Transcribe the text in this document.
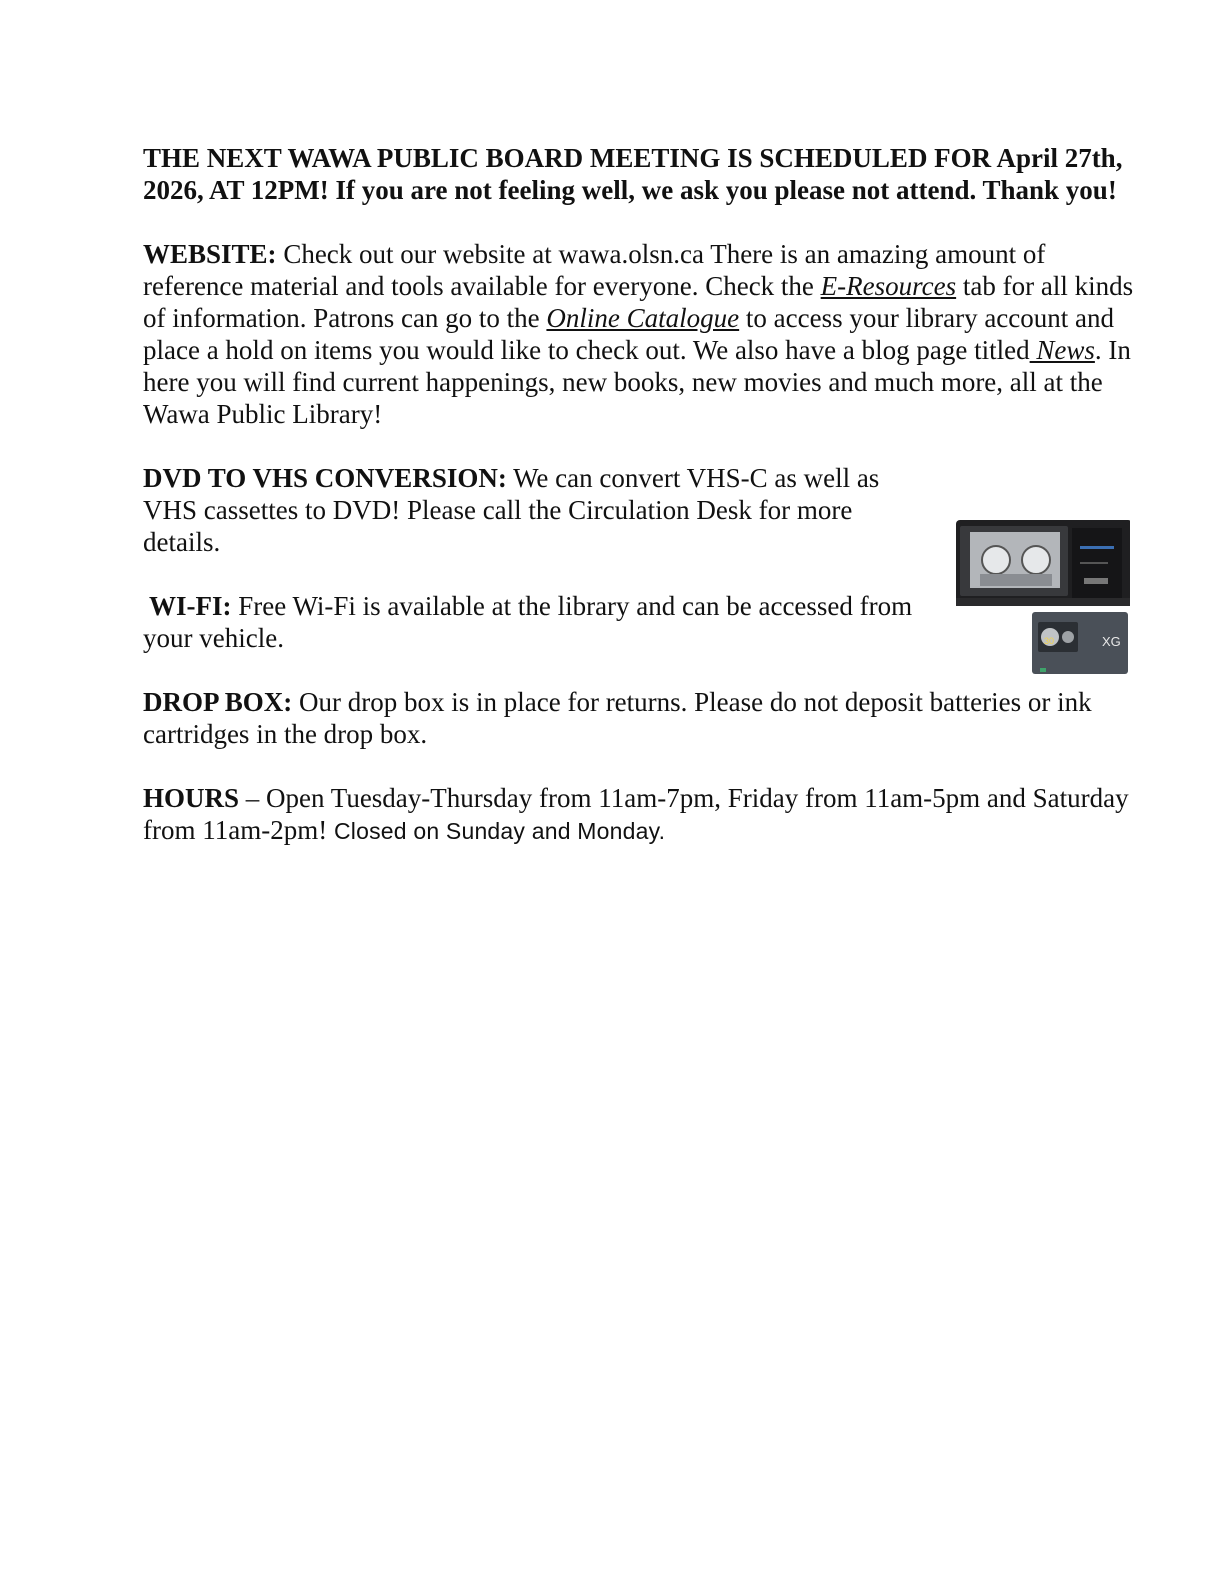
THE NEXT WAWA PUBLIC BOARD MEETING IS SCHEDULED FOR April 27th, 2026, AT 12PM! If you are not feeling well, we ask you please not attend. Thank you!

WEBSITE: Check out our website at wawa.olsn.ca There is an amazing amount of reference material and tools available for everyone. Check the E-Resources tab for all kinds of information. Patrons can go to the Online Catalogue to access your library account and place a hold on items you would like to check out. We also have a blog page titled News. In here you will find current happenings, new books, new movies and much more, all at the Wawa Public Library!

DVD TO VHS CONVERSION: We can convert VHS-C as well as VHS cassettes to DVD! Please call the Circulation Desk for more details.

WI-FI: Free Wi-Fi is available at the library and can be accessed from your vehicle.

DROP BOX: Our drop box is in place for returns. Please do not deposit batteries or ink cartridges in the drop box.

HOURS – Open Tuesday-Thursday from 11am-7pm, Friday from 11am-5pm and Saturday from 11am-2pm! Closed on Sunday and Monday.

XG
30
